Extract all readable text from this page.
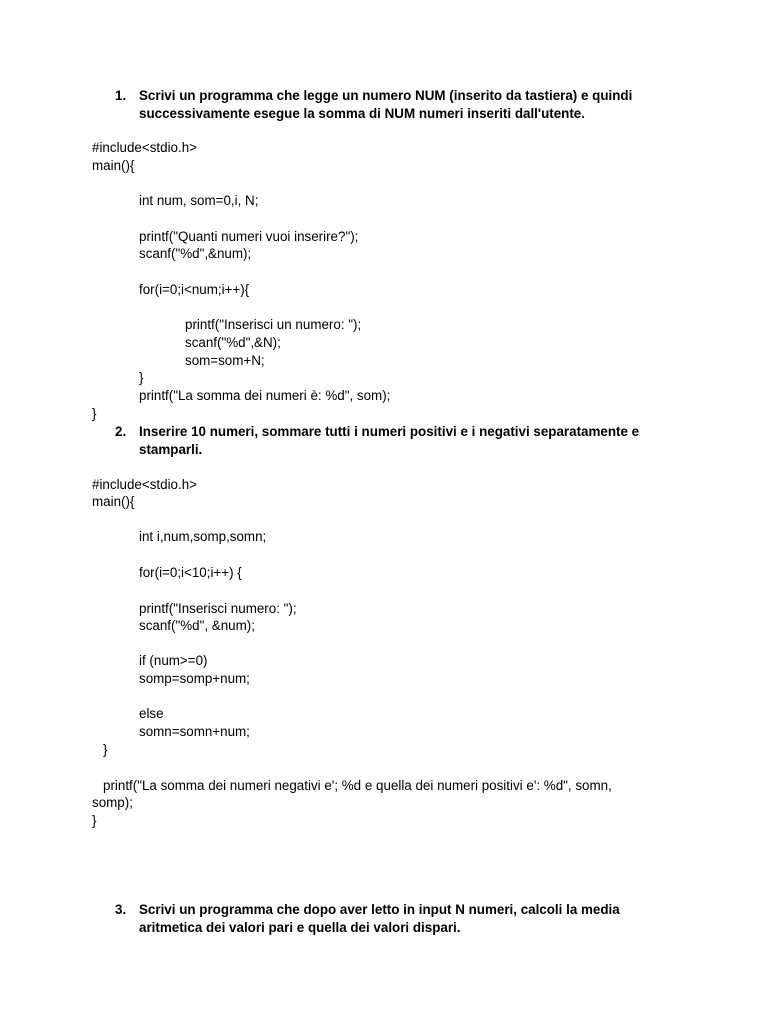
1. Scrivi un programma che legge un numero NUM (inserito da tastiera) e quindi successivamente esegue la somma di NUM numeri inseriti dall'utente.
#include<stdio.h>
main(){
int num, som=0,i, N;
printf("Quanti numeri vuoi inserire?");
scanf("%d",&num);
for(i=0;i<num;i++){
printf("Inserisci un numero: ");
scanf("%d",&N);
som=som+N;
}
printf("La somma dei numeri è: %d", som);
}
2. Inserire 10 numeri, sommare tutti i numeri positivi e i negativi separatamente e stamparli.
#include<stdio.h>
main(){
int i,num,somp,somn;
for(i=0;i<10;i++) {
printf("Inserisci numero: ");
scanf("%d", &num);
if (num>=0)
somp=somp+num;
else
somn=somn+num;
}
printf("La somma dei numeri negativi e'; %d e quella dei numeri positivi e': %d", somn,
somp);
}
3. Scrivi un programma che dopo aver letto in input N numeri, calcoli la media aritmetica dei valori pari e quella dei valori dispari.
